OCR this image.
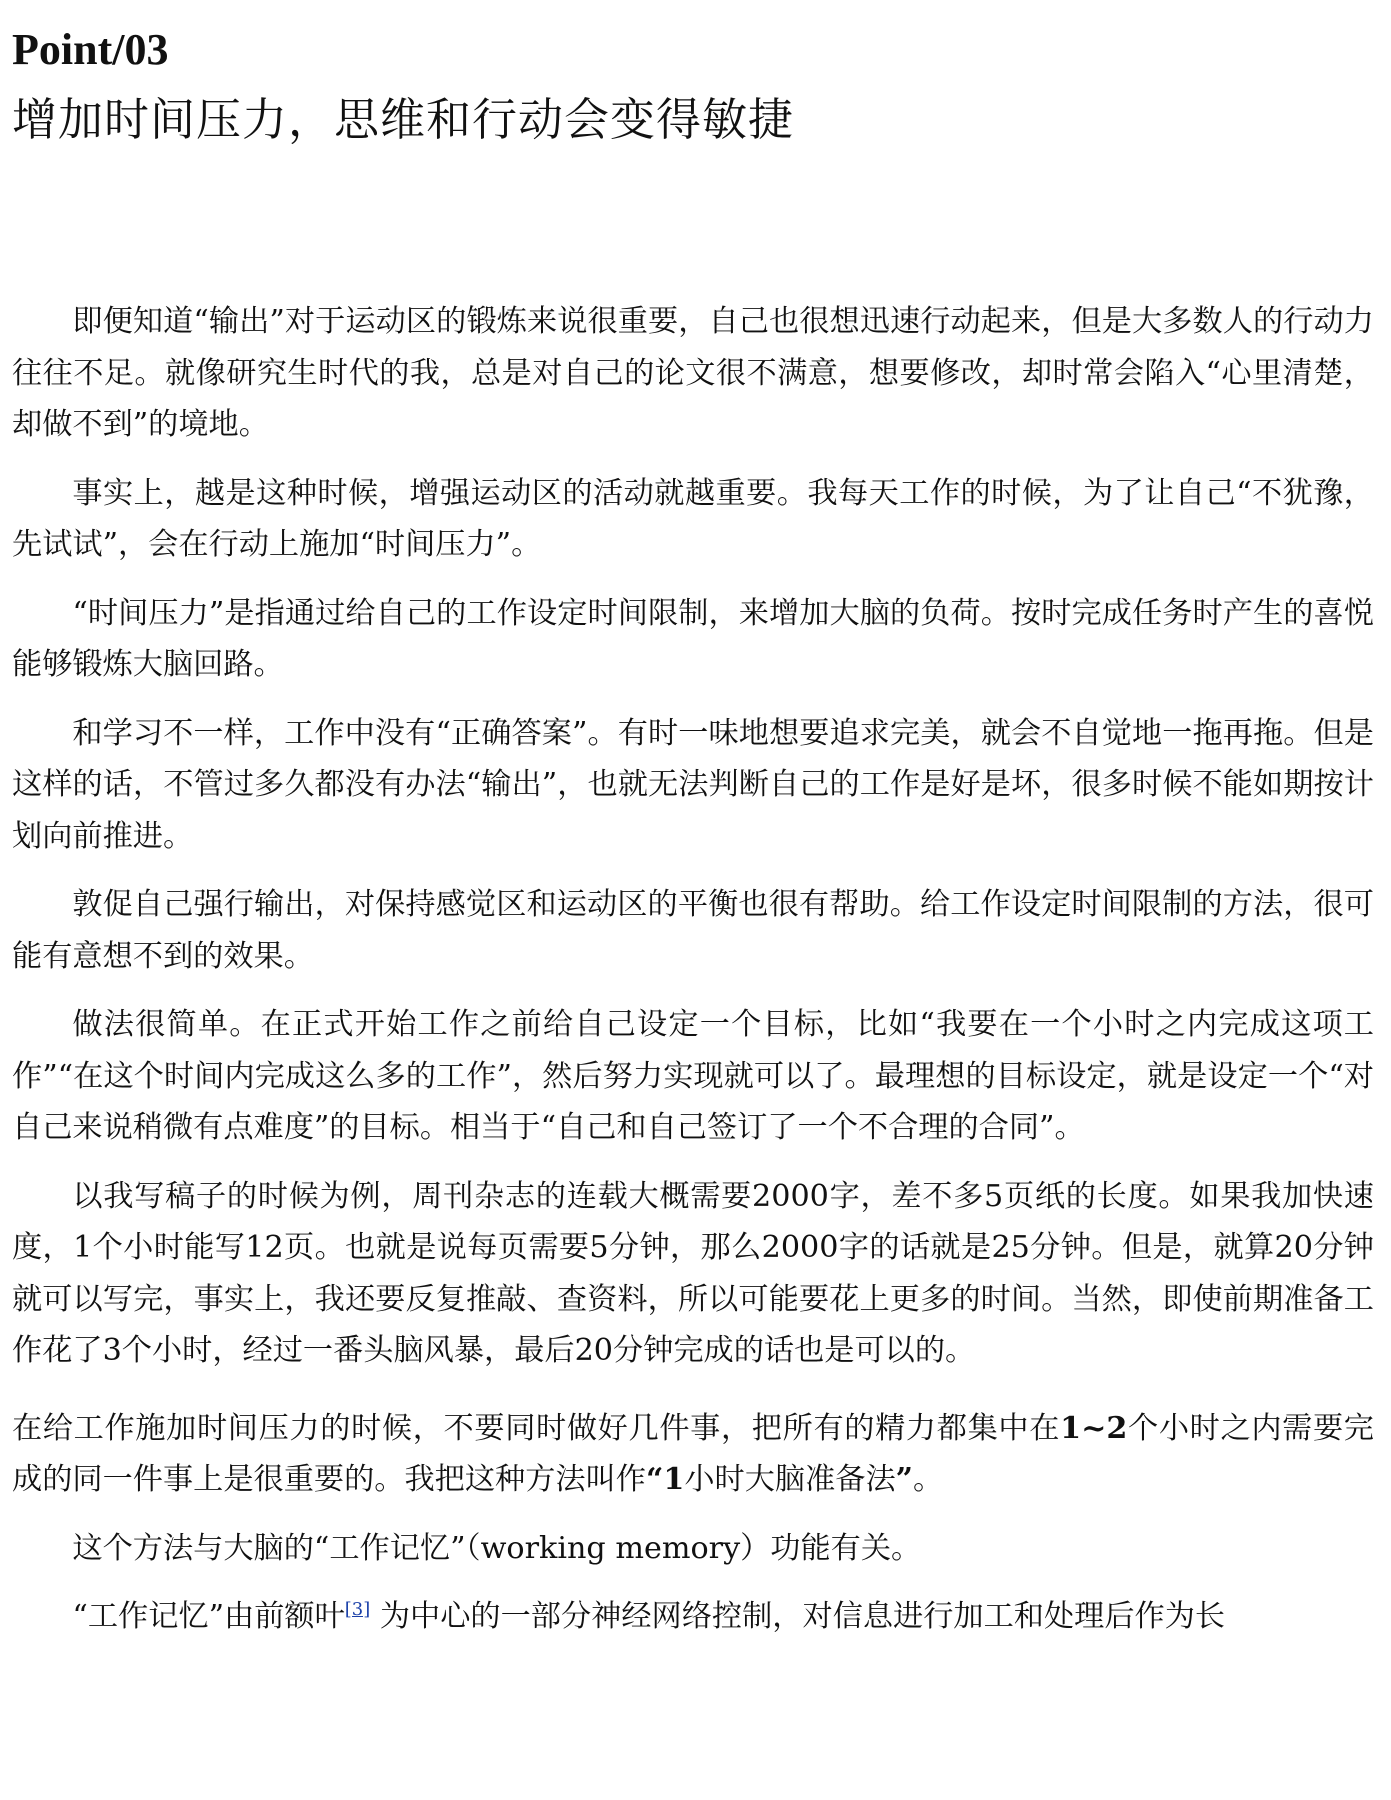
Point/03
增加时间压力，思维和行动会变得敏捷

即便知道“输出”对于运动区的锻炼来说很重要，自己也很想迅速行动起来，但是大多数人的行动力往往不足。就像研究生时代的我，总是对自己的论文很不满意，想要修改，却时常会陷入“心里清楚，却做不到”的境地。

事实上，越是这种时候，增强运动区的活动就越重要。我每天工作的时候，为了让自己“不犹豫，先试试”，会在行动上施加“时间压力”。

“时间压力”是指通过给自己的工作设定时间限制，来增加大脑的负荷。按时完成任务时产生的喜悦能够锻炼大脑回路。

和学习不一样，工作中没有“正确答案”。有时一味地想要追求完美，就会不自觉地一拖再拖。但是这样的话，不管过多久都没有办法“输出”，也就无法判断自己的工作是好是坏，很多时候不能如期按计划向前推进。

敦促自己强行输出，对保持感觉区和运动区的平衡也很有帮助。给工作设定时间限制的方法，很可能有意想不到的效果。

做法很简单。在正式开始工作之前给自己设定一个目标，比如“我要在一个小时之内完成这项工作”“在这个时间内完成这么多的工作”，然后努力实现就可以了。最理想的目标设定，就是设定一个“对自己来说稍微有点难度”的目标。相当于“自己和自己签订了一个不合理的合同”。

以我写稿子的时候为例，周刊杂志的连载大概需要2000字，差不多5页纸的长度。如果我加快速度，1个小时能写12页。也就是说每页需要5分钟，那么2000字的话就是25分钟。但是，就算20分钟就可以写完，事实上，我还要反复推敲、查资料，所以可能要花上更多的时间。当然，即使前期准备工作花了3个小时，经过一番头脑风暴，最后20分钟完成的话也是可以的。

在给工作施加时间压力的时候，不要同时做好几件事，把所有的精力都集中在1~2个小时之内需要完成的同一件事上是很重要的。我把这种方法叫作“1小时大脑准备法”。

这个方法与大脑的“工作记忆”（working memory）功能有关。

“工作记忆”由前额叶[3] 为中心的一部分神经网络控制，对信息进行加工和处理后作为长
